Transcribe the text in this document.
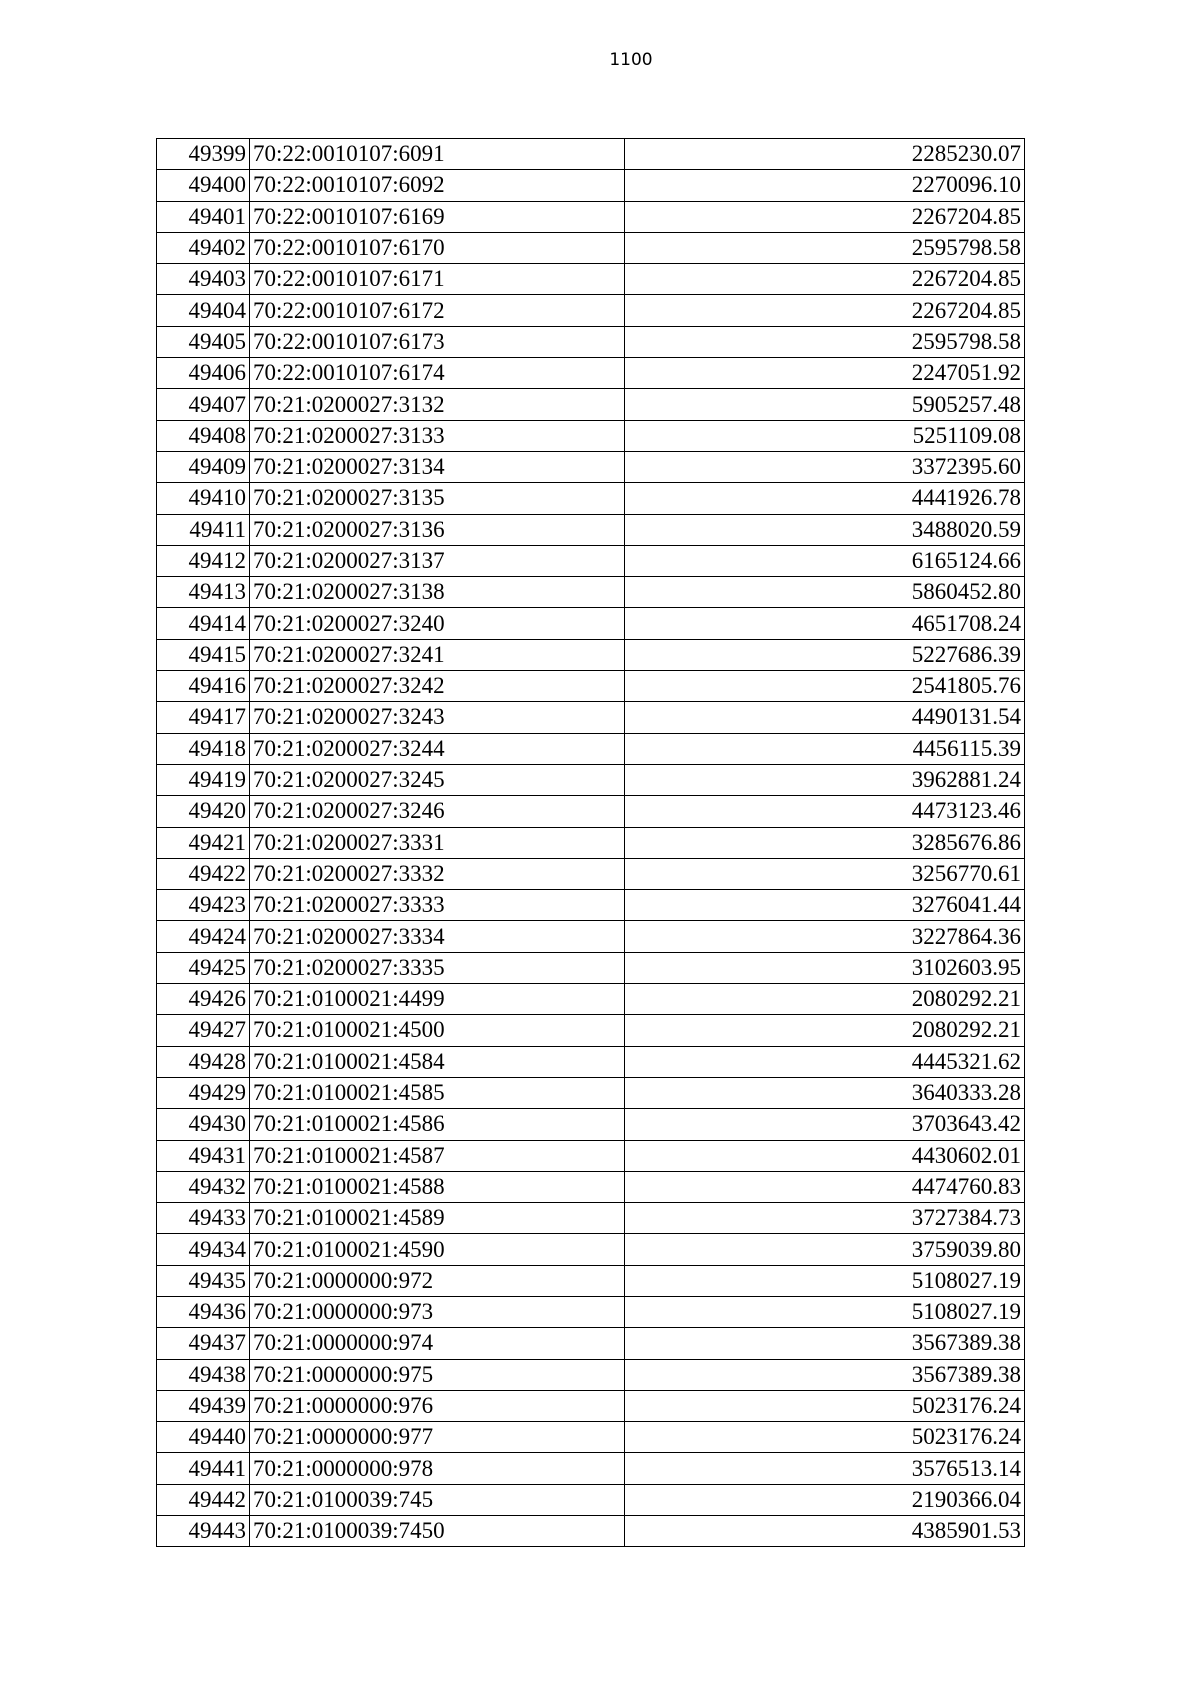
1100
49399	70:22:0010107:6091	2285230.07
49400	70:22:0010107:6092	2270096.10
49401	70:22:0010107:6169	2267204.85
49402	70:22:0010107:6170	2595798.58
49403	70:22:0010107:6171	2267204.85
49404	70:22:0010107:6172	2267204.85
49405	70:22:0010107:6173	2595798.58
49406	70:22:0010107:6174	2247051.92
49407	70:21:0200027:3132	5905257.48
49408	70:21:0200027:3133	5251109.08
49409	70:21:0200027:3134	3372395.60
49410	70:21:0200027:3135	4441926.78
49411	70:21:0200027:3136	3488020.59
49412	70:21:0200027:3137	6165124.66
49413	70:21:0200027:3138	5860452.80
49414	70:21:0200027:3240	4651708.24
49415	70:21:0200027:3241	5227686.39
49416	70:21:0200027:3242	2541805.76
49417	70:21:0200027:3243	4490131.54
49418	70:21:0200027:3244	4456115.39
49419	70:21:0200027:3245	3962881.24
49420	70:21:0200027:3246	4473123.46
49421	70:21:0200027:3331	3285676.86
49422	70:21:0200027:3332	3256770.61
49423	70:21:0200027:3333	3276041.44
49424	70:21:0200027:3334	3227864.36
49425	70:21:0200027:3335	3102603.95
49426	70:21:0100021:4499	2080292.21
49427	70:21:0100021:4500	2080292.21
49428	70:21:0100021:4584	4445321.62
49429	70:21:0100021:4585	3640333.28
49430	70:21:0100021:4586	3703643.42
49431	70:21:0100021:4587	4430602.01
49432	70:21:0100021:4588	4474760.83
49433	70:21:0100021:4589	3727384.73
49434	70:21:0100021:4590	3759039.80
49435	70:21:0000000:972	5108027.19
49436	70:21:0000000:973	5108027.19
49437	70:21:0000000:974	3567389.38
49438	70:21:0000000:975	3567389.38
49439	70:21:0000000:976	5023176.24
49440	70:21:0000000:977	5023176.24
49441	70:21:0000000:978	3576513.14
49442	70:21:0100039:745	2190366.04
49443	70:21:0100039:7450	4385901.53
